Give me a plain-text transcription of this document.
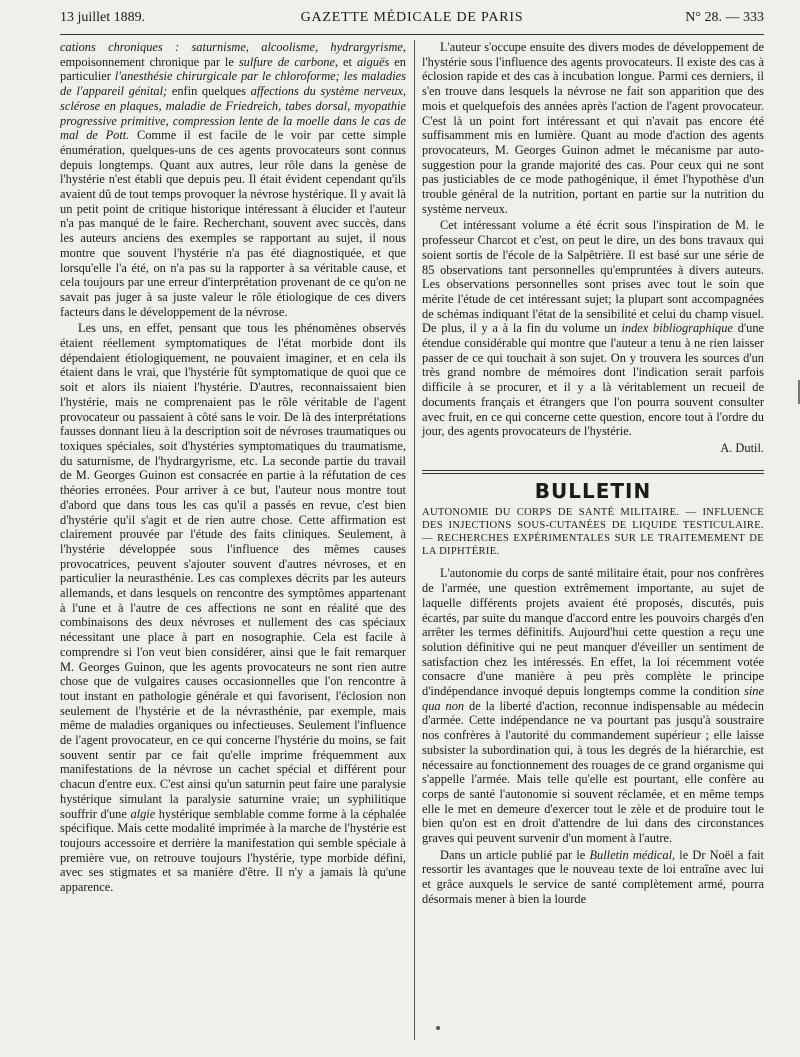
13 juillet 1889.	GAZETTE MÉDICALE DE PARIS	N° 28. — 333

cations chroniques : saturnisme, alcoolisme, hydrargyrisme, empoisonnement chronique par le sulfure de carbone, et aiguës en particulier l'anesthésie chirurgicale par le chloroforme; les maladies de l'appareil génital; enfin quelques affections du système nerveux, sclérose en plaques, maladie de Friedreich, tabes dorsal, myopathie progressive primitive, compression lente de la moelle dans le cas de mal de Pott. Comme il est facile de le voir par cette simple énumération, quelques-uns de ces agents provocateurs sont connus depuis longtemps. Quant aux autres, leur rôle dans la genèse de l'hystérie n'est établi que depuis peu. Il était évident cependant qu'ils avaient dû de tout temps provoquer la névrose hystérique. Il y avait là un petit point de critique historique intéressant à élucider et l'auteur n'a pas manqué de le faire. Recherchant, souvent avec succès, dans les auteurs anciens des exemples se rapportant au sujet, il nous montre que souvent l'hystérie n'a pas été diagnostiquée, et que lorsqu'elle l'a été, on n'a pas su la rapporter à sa véritable cause, et cela toujours par une erreur d'interprétation provenant de ce qu'on ne savait pas juger à sa juste valeur le rôle étiologique de ces divers facteurs dans le développement de la névrose.

Les uns, en effet, pensant que tous les phénomènes observés étaient réellement symptomatiques de l'état morbide dont ils dépendaient étiologiquement, ne pouvaient imaginer, et en cela ils étaient dans le vrai, que l'hystérie fût symptomatique de quoi que ce soit et alors ils niaient l'hystérie. D'autres, reconnaissaient bien l'hystérie, mais ne comprenaient pas le rôle véritable de l'agent provocateur ou passaient à côté sans le voir. De là des interprétations fausses donnant lieu à la description soit de névroses traumatiques ou toxiques spéciales, soit d'hystéries symptomatiques du traumatisme, du saturnisme, de l'hydrargyrisme, etc. La seconde partie du travail de M. Georges Guinon est consacrée en partie à la réfutation de ces théories erronées. Pour arriver à ce but, l'auteur nous montre tout d'abord que dans tous les cas qu'il a passés en revue, c'est bien d'hystérie qu'il s'agit et de rien autre chose. Cette affirmation est clairement prouvée par l'étude des faits cliniques. Seulement, à l'hystérie développée sous l'influence des mêmes causes provocatrices, peuvent s'ajouter souvent d'autres névroses, et en particulier la neurasthénie. Les cas complexes décrits par les auteurs allemands, et dans lesquels on rencontre des symptômes appartenant à l'une et à l'autre de ces affections ne sont en réalité que des combinaisons des deux névroses et nullement des cas spéciaux nécessitant une place à part en nosographie. Cela est facile à comprendre si l'on veut bien considérer, ainsi que le fait remarquer M. Georges Guinon, que les agents provocateurs ne sont rien autre chose que de vulgaires causes occasionnelles que l'on rencontre à tout instant en pathologie générale et qui favorisent, l'éclosion non seulement de l'hystérie et de la névrasthénie, par exemple, mais même de maladies organiques ou infectieuses. Seulement l'influence de l'agent provocateur, en ce qui concerne l'hystérie du moins, se fait souvent sentir par ce fait qu'elle imprime fréquemment aux manifestations de la névrose un cachet spécial et différent pour chacun d'entre eux. C'est ainsi qu'un saturnin peut faire une paralysie hystérique simulant la paralysie saturnine vraie; un syphilitique souffrir d'une algie hystérique semblable comme forme à la céphalée spécifique. Mais cette modalité imprimée à la marche de l'hystérie est toujours accessoire et derrière la manifestation qui semble spéciale à première vue, on retrouve toujours l'hystérie, type morbide défini, avec ses stigmates et sa manière d'être. Il n'y a jamais là qu'une apparence.

L'auteur s'occupe ensuite des divers modes de développement de l'hystérie sous l'influence des agents provocateurs. Il existe des cas à éclosion rapide et des cas à incubation longue. Parmi ces derniers, il s'en trouve dans lesquels la névrose ne fait son apparition que des mois et quelquefois des années après l'action de l'agent provocateur. C'est là un point fort intéressant et qui n'avait pas encore été suffisamment mis en lumière. Quant au mode d'action des agents provocateurs, M. Georges Guinon admet le mécanisme par auto-suggestion pour la grande majorité des cas. Pour ceux qui ne sont pas justiciables de ce mode pathogénique, il émet l'hypothèse d'un trouble général de la nutrition, portant en partie sur la nutrition du système nerveux.

Cet intéressant volume a été écrit sous l'inspiration de M. le professeur Charcot et c'est, on peut le dire, un des bons travaux qui soient sortis de l'école de la Salpêtrière. Il est basé sur une série de 85 observations tant personnelles qu'empruntées à divers auteurs. Les observations personnelles sont prises avec tout le soin que mérite l'étude de cet intéressant sujet; la plupart sont accompagnées de schémas indiquant l'état de la sensibilité et celui du champ visuel. De plus, il y a à la fin du volume un index bibliographique d'une étendue considérable qui montre que l'auteur a tenu à ne rien laisser passer de ce qui touchait à son sujet. On y trouvera les sources d'un très grand nombre de mémoires dont l'indication serait parfois difficile à se procurer, et il y a là véritablement un recueil de documents français et étrangers que l'on pourra souvent consulter avec fruit, en ce qui concerne cette question, encore tout à l'ordre du jour, des agents provocateurs de l'hystérie.

A. Dutil.

BULLETIN
AUTONOMIE DU CORPS DE SANTÉ MILITAIRE. — INFLUENCE DES INJECTIONS SOUS-CUTANÉES DE LIQUIDE TESTICULAIRE. — RECHERCHES EXPÉRIMENTALES SUR LE TRAITEMEMENT DE LA DIPHTÉRIE.

L'autonomie du corps de santé militaire était, pour nos confrères de l'armée, une question extrêmement importante, au sujet de laquelle différents projets avaient été proposés, discutés, puis écartés, par suite du manque d'accord entre les pouvoirs chargés d'en arrêter les termes définitifs. Aujourd'hui cette question a reçu une solution définitive qui ne peut manquer d'éveiller un sentiment de satisfaction chez les intéressés. En effet, la loi récemment votée consacre d'une manière à peu près complète le principe d'indépendance invoqué depuis longtemps comme la condition sine qua non de la liberté d'action, reconnue indispensable au médecin d'armée. Cette indépendance ne va pourtant pas jusqu'à soustraire nos confrères à l'autorité du commandement supérieur ; elle laisse subsister la subordination qui, à tous les degrés de la hiérarchie, est nécessaire au fonctionnement des rouages de ce grand organisme qui s'appelle l'armée. Mais telle qu'elle est pourtant, elle confère au corps de santé l'autonomie si souvent réclamée, et en même temps elle le met en demeure d'exercer tout le zèle et de produire tout le bien qu'on est en droit d'attendre de lui dans des circonstances graves qui peuvent survenir d'un moment à l'autre.

Dans un article publié par le Bulletin médical, le Dr Noël a fait ressortir les avantages que le nouveau texte de loi entraîne avec lui et grâce auxquels le service de santé complètement armé, pourra désormais mener à bien la lourde
